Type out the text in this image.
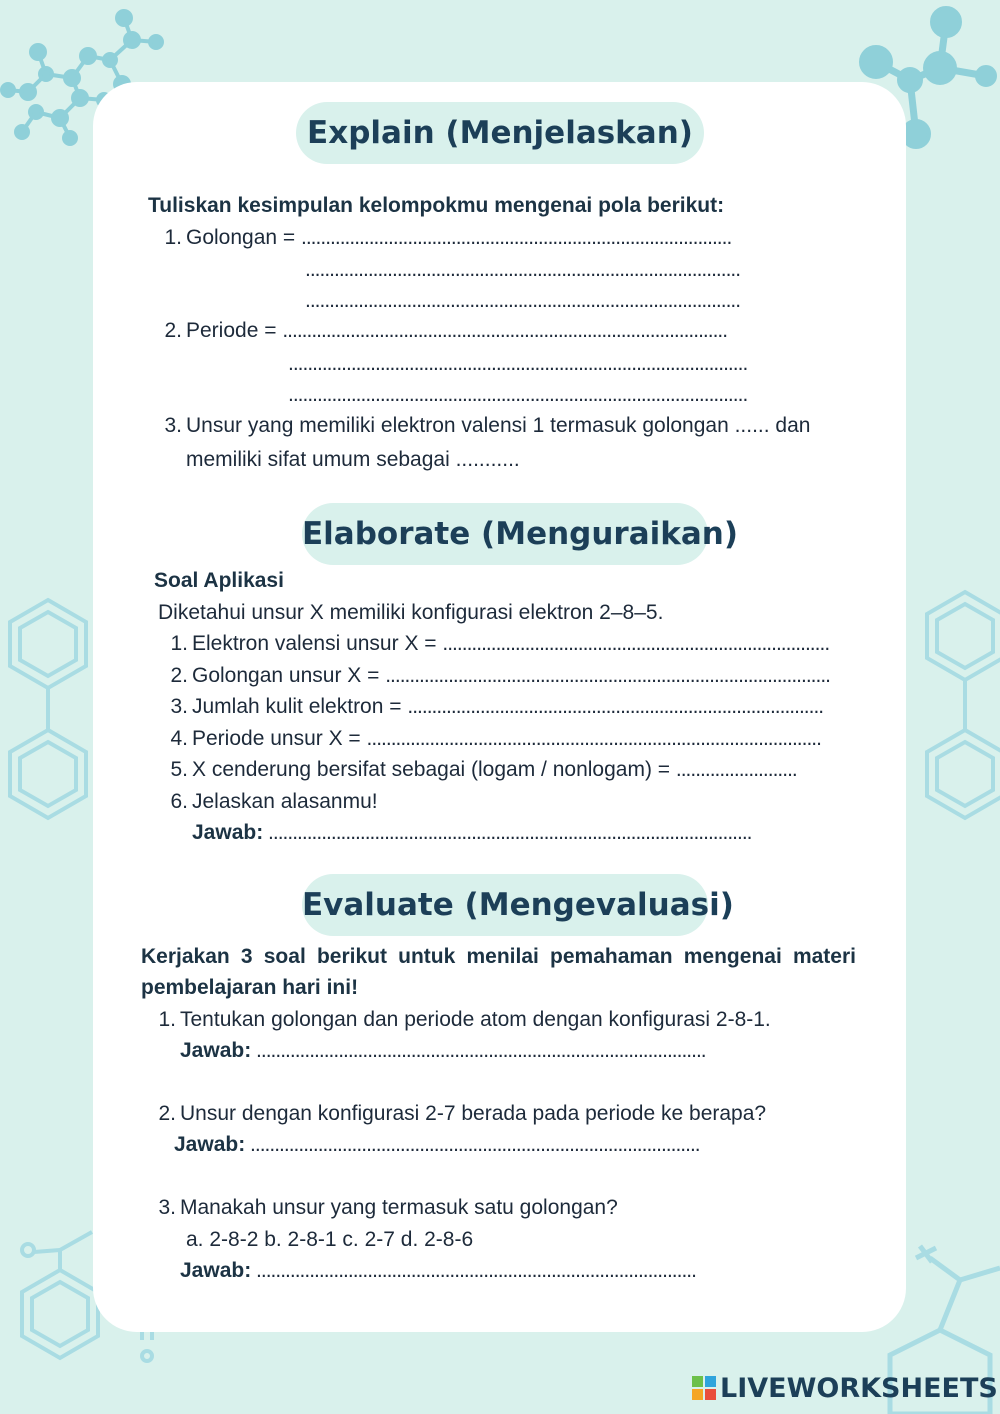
Explain (Menjelaskan)
Tuliskan kesimpulan kelompokmu mengenai pola berikut:
1. Golongan = .........................................................................................
..........................................................................................
..........................................................................................
2. Periode = ............................................................................................
...............................................................................................
...............................................................................................
3. Unsur yang memiliki elektron valensi 1 termasuk golongan ...... dan
memiliki sifat umum sebagai ...........
Elaborate (Menguraikan)
Soal Aplikasi
Diketahui unsur X memiliki konfigurasi elektron 2–8–5.
1. Elektron valensi unsur X = ................................................................................
2. Golongan unsur X = ............................................................................................
3. Jumlah kulit elektron = ......................................................................................
4. Periode unsur X = ..............................................................................................
5. X cenderung bersifat sebagai (logam / nonlogam) = .........................
6. Jelaskan alasanmu!
Jawab: ....................................................................................................
Evaluate (Mengevaluasi)
Kerjakan 3 soal berikut untuk menilai pemahaman mengenai materi
pembelajaran hari ini!
1. Tentukan golongan dan periode atom dengan konfigurasi 2-8-1.
Jawab: .............................................................................................
2. Unsur dengan konfigurasi 2-7 berada pada periode ke berapa?
Jawab: .............................................................................................
3. Manakah unsur yang termasuk satu golongan?
a. 2-8-2 b. 2-8-1 c. 2-7 d. 2-8-6
Jawab: ...........................................................................................
LIVEWORKSHEETS
